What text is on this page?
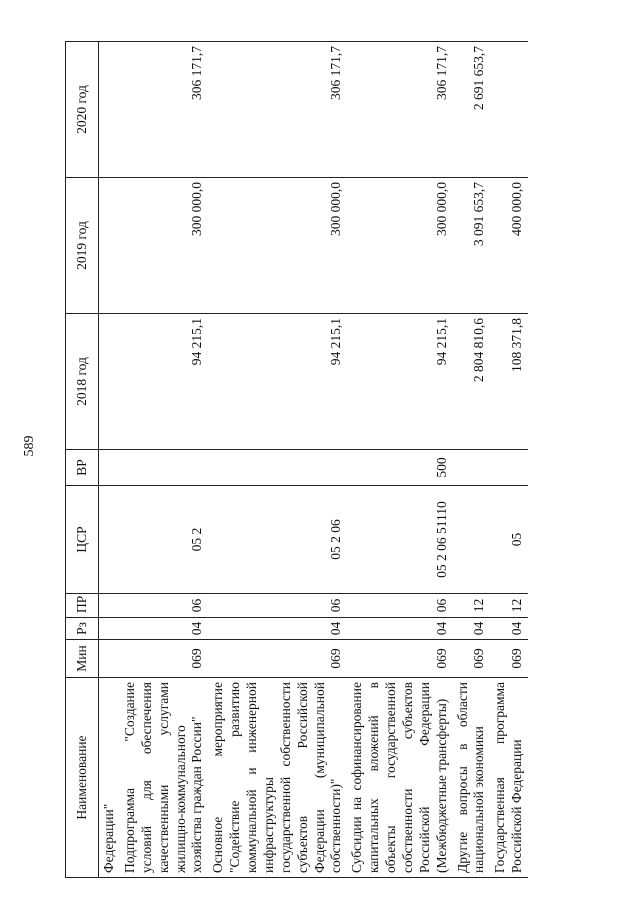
589
Наименование	Мин	Рз	ПР	ЦСР	ВР	2018 год	2019 год	2020 год
Федерации"								
Подпрограмма "Создание условий для обеспечения качественными услугами жилищно-коммунального хозяйства граждан России"	069	04	06	05 2		94 215,1	300 000,0	306 171,7
Основное мероприятие "Содействие развитию коммунальной и инженерной инфраструктуры государственной собственности субъектов Российской Федерации (муниципальной собственности)"	069	04	06	05 2 06		94 215,1	300 000,0	306 171,7
Субсидии на софинансирование капитальных вложений в объекты государственной собственности субъектов Российской Федерации (Межбюджетные трансферты)	069	04	06	05 2 06 51110	500	94 215,1	300 000,0	306 171,7
Другие вопросы в области национальной экономики	069	04	12			2 804 810,6	3 091 653,7	2 691 653,7
Государственная программа Российской Федерации	069	04	12	05		108 371,8	400 000,0	
